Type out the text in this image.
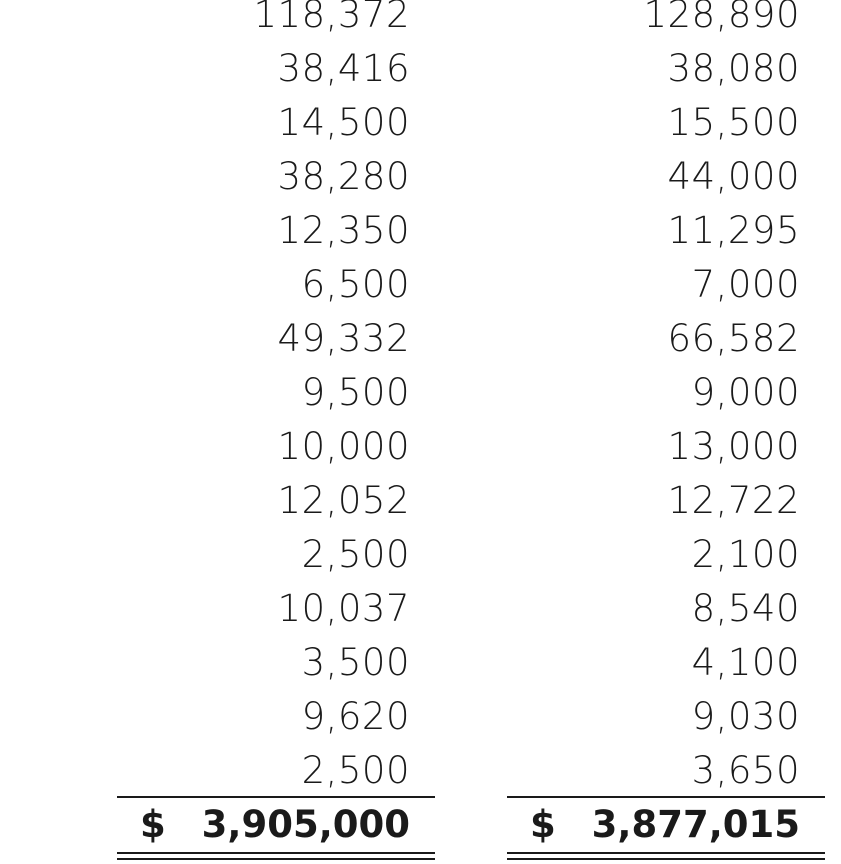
118,372
38,416
14,500
38,280
12,350
6,500
49,332
9,500
10,000
12,052
2,500
10,037
3,500
9,620
2,500
128,890
38,080
15,500
44,000
11,295
7,000
66,582
9,000
13,000
12,722
2,100
8,540
4,100
9,030
3,650
$ 3,905,000	$ 3,877,015
